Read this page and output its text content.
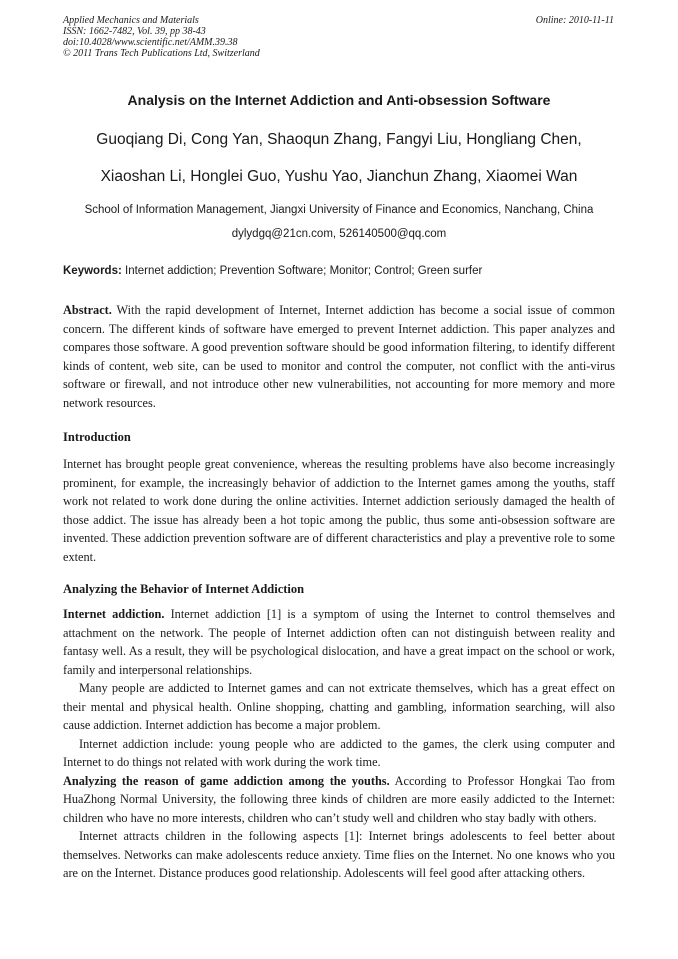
Applied Mechanics and Materials
ISSN: 1662-7482, Vol. 39, pp 38-43
doi:10.4028/www.scientific.net/AMM.39.38
© 2011 Trans Tech Publications Ltd, Switzerland
Online: 2010-11-11
Analysis on the Internet Addiction and Anti-obsession Software
Guoqiang Di, Cong Yan, Shaoqun Zhang, Fangyi Liu, Hongliang Chen,
Xiaoshan Li, Honglei Guo, Yushu Yao, Jianchun Zhang, Xiaomei Wan
School of Information Management, Jiangxi University of Finance and Economics, Nanchang, China
dylydgq@21cn.com, 526140500@qq.com
Keywords: Internet addiction; Prevention Software; Monitor; Control; Green surfer

Abstract. With the rapid development of Internet, Internet addiction has become a social issue of common concern. The different kinds of software have emerged to prevent Internet addiction. This paper analyzes and compares those software. A good prevention software should be good information filtering, to identify different kinds of content, web site, can be used to monitor and control the computer, not conflict with the anti-virus software or firewall, and not introduce other new vulnerabilities, not accounting for more memory and more network resources.

Introduction

Internet has brought people great convenience, whereas the resulting problems have also become increasingly prominent, for example, the increasingly behavior of addiction to the Internet games among the youths, staff work not related to work done during the online activities. Internet addiction seriously damaged the health of those addict. The issue has already been a hot topic among the public, thus some anti-obsession software are invented. These addiction prevention software are of different characteristics and play a preventive role to some extent.

Analyzing the Behavior of Internet Addiction

Internet addiction. Internet addiction [1] is a symptom of using the Internet to control themselves and attachment on the network. The people of Internet addiction often can not distinguish between reality and fantasy well. As a result, they will be psychological dislocation, and have a great impact on the school or work, family and interpersonal relationships.

Many people are addicted to Internet games and can not extricate themselves, which has a great effect on their mental and physical health. Online shopping, chatting and gambling, information searching, will also cause addiction. Internet addiction has become a major problem.

Internet addiction include: young people who are addicted to the games, the clerk using computer and Internet to do things not related with work during the work time.

Analyzing the reason of game addiction among the youths. According to Professor Hongkai Tao from HuaZhong Normal University, the following three kinds of children are more easily addicted to the Internet: children who have no more interests, children who can’t study well and children who stay badly with others.

Internet attracts children in the following aspects [1]: Internet brings adolescents to feel better about themselves. Networks can make adolescents reduce anxiety. Time flies on the Internet. No one knows who you are on the Internet. Distance produces good relationship. Adolescents will feel good after attacking others.
